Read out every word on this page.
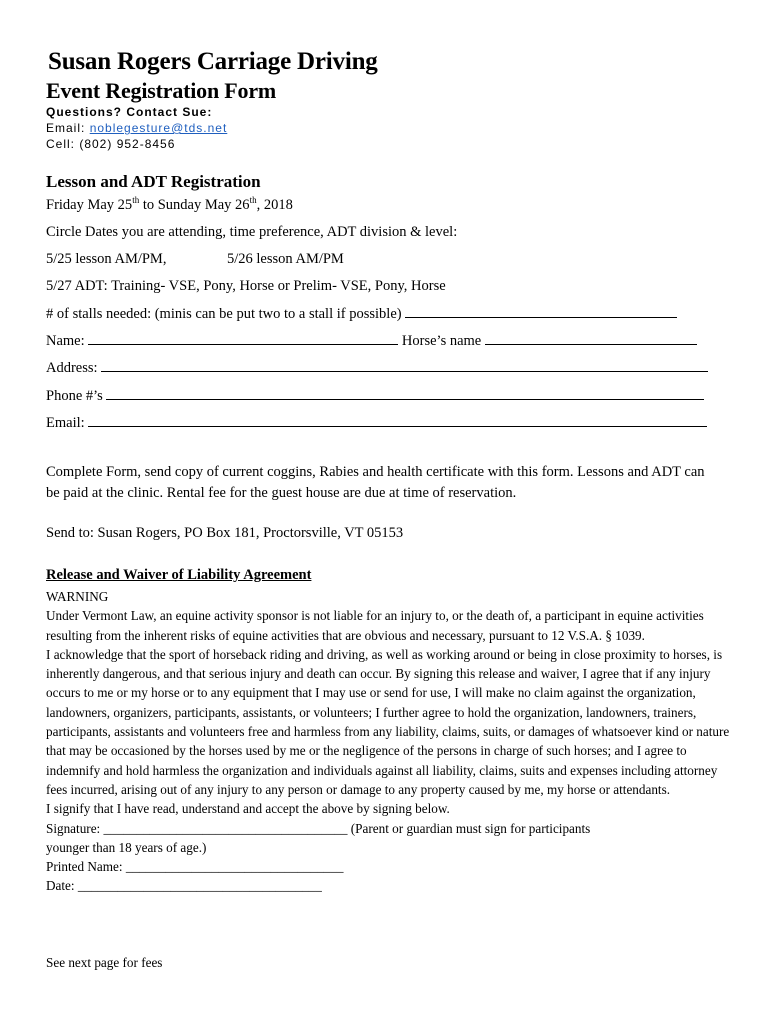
Susan Rogers Carriage Driving
Event Registration Form
Questions? Contact Sue:
Email: noblegesture@tds.net
Cell: (802) 952-8456
Lesson and ADT Registration
Friday May 25th to Sunday May 26th, 2018
Circle Dates you are attending, time preference, ADT division & level:
5/25 lesson AM/PM,	5/26 lesson AM/PM
5/27 ADT: Training- VSE, Pony, Horse or Prelim- VSE, Pony, Horse
# of stalls needed: (minis can be put two to a stall if possible)
Name:	Horse’s name
Address:
Phone #’s
Email:
Complete Form, send copy of current coggins, Rabies and health certificate with this form. Lessons and ADT can be paid at the clinic. Rental fee for the guest house are due at time of reservation.
Send to: Susan Rogers, PO Box 181, Proctorsville, VT 05153
Release and Waiver of Liability Agreement
WARNING
Under Vermont Law, an equine activity sponsor is not liable for an injury to, or the death of, a participant in equine activities resulting from the inherent risks of equine activities that are obvious and necessary, pursuant to 12 V.S.A. § 1039.
I acknowledge that the sport of horseback riding and driving, as well as working around or being in close proximity to horses, is inherently dangerous, and that serious injury and death can occur. By signing this release and waiver, I agree that if any injury occurs to me or my horse or to any equipment that I may use or send for use, I will make no claim against the organization, landowners, organizers, participants, assistants, or volunteers; I further agree to hold the organization, landowners, trainers, participants, assistants and volunteers free and harmless from any liability, claims, suits, or damages of whatsoever kind or nature that may be occasioned by the horses used by me or the negligence of the persons in charge of such horses; and I agree to indemnify and hold harmless the organization and individuals against all liability, claims, suits and expenses including attorney fees incurred, arising out of any injury to any person or damage to any property caused by me, my horse or attendants.
I signify that I have read, understand and accept the above by signing below.
Signature: _____________________________________ (Parent or guardian must sign for participants
younger than 18 years of age.)
Printed Name: _________________________________
Date: _____________________________________
See next page for fees
